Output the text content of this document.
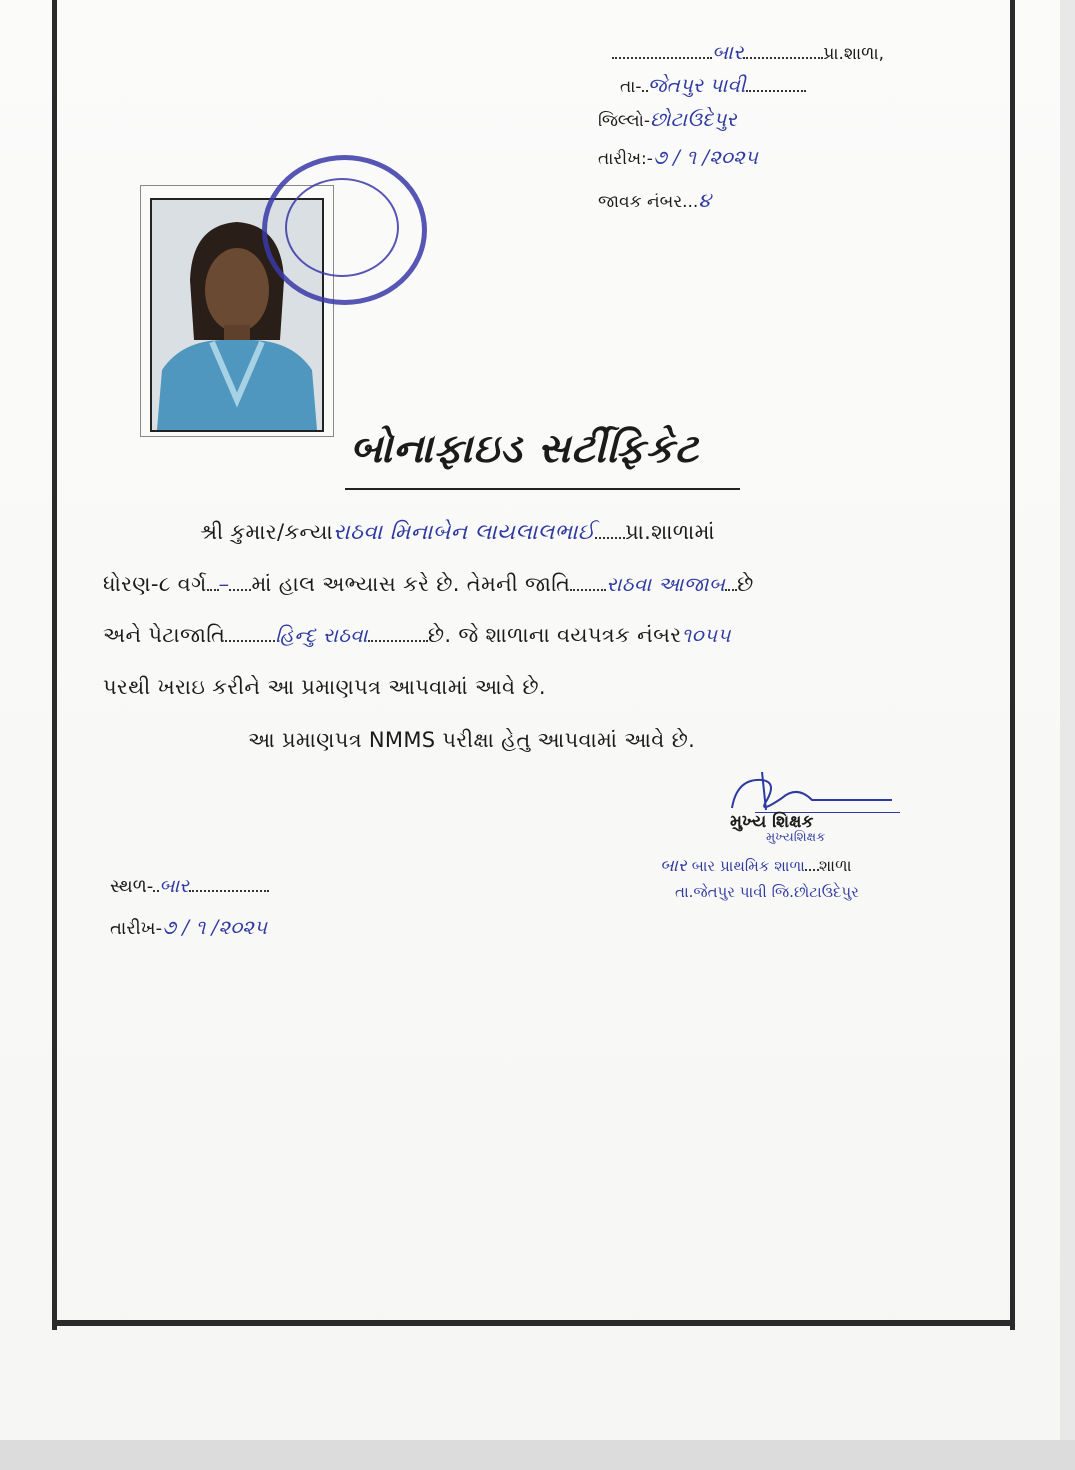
બાર	પ્રા.શાળા,
તા- જેતપુર પાવી
જિલ્લો-છોટાઉદેપુર
તારીખ:-૭ / ૧ /૨૦૨૫
જાવક નંબર...૪
બોનાફાઇડ સર્ટીફિકેટ
શ્રી કુમાર/કન્યારાઠવા મિનાબેન લાયલાલભાઈ પ્રા.શાળામાં
ધોરણ-૮ વર્ગ – માં હાલ અભ્યાસ કરે છે. તેમની જાતિ રાઠવા આજાબ છે
અને પેટાજાતિ	હિન્દુ રાઠવા	છે. જે શાળાના વયપત્રક નંબર૧૦૫૫
પરથી ખરાઇ કરીને આ પ્રમાણપત્ર આપવામાં આવે છે.
આ પ્રમાણપત્ર NMMS પરીક્ષા હેતુ આપવામાં આવે છે.
મુખ્ય શિક્ષક
મુખ્યશિક્ષક
બાર બાર પ્રાથમિક શાળા શાળા
તા.જેતપુર પાવી જિ.છોટાઉદેપુર
સ્થળ- બાર
તારીખ-૭ / ૧ /૨૦૨૫
